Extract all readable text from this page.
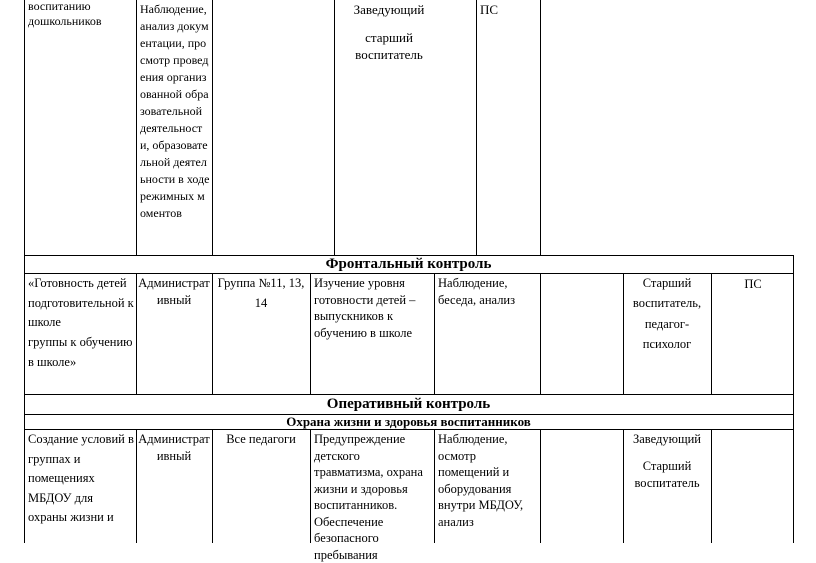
воспитанию дошкольников
Наблюдение, анализ документации, просмотр проведения организованной образовательной деятельности, образовательной деятельности в ходе режимных моментов
Заведующий
старший воспитатель
ПС
Фронтальный контроль
«Готовность детей подготовительной к школе
группы к обучению в школе»
Административный
Группа №11, 13, 14
Изучение уровня готовности детей – выпускников к обучению в школе
Наблюдение, беседа, анализ
Старший воспитатель,
педагог-психолог
ПС
Оперативный контроль
Охрана жизни и здоровья воспитанников
Создание условий в группах и помещениях МБДОУ для охраны жизни и
Административный
Все педагоги	Предупреждение детского травматизма, охрана жизни и здоровья воспитанников. Обеспечение безопасного пребывания
Наблюдение, осмотр помещений и оборудования внутри МБДОУ, анализ
Заведующий
Старший воспитатель
